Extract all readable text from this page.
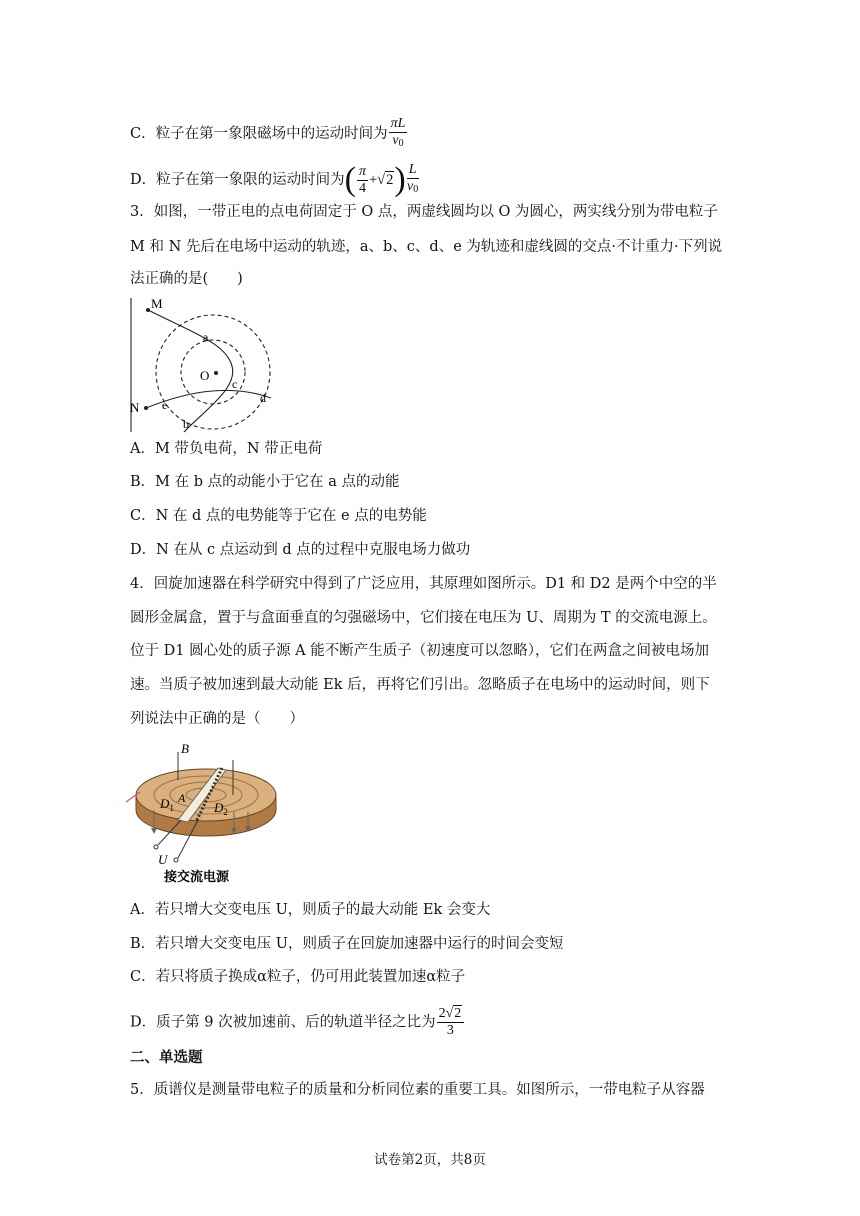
C．粒子在第一象限磁场中的运动时间为 $\frac{\pi L}{v_0}$
D．粒子在第一象限的运动时间为( $\frac{\pi}{4} +√2) \frac{L}{v_0}$
3．如图，一带正电的点电荷固定于 O 点，两虚线圆均以 O 为圆心，两实线分别为带电粒子
M 和 N 先后在电场中运动的轨迹，a、b、c、d、e 为轨迹和虚线圆的交点·不计重力·下列说
法正确的是(　　)
M
N
O
a
b
c
d
e
A．M 带负电荷，N 带正电荷
B．M 在 b 点的动能小于它在 a 点的动能
C．N 在 d 点的电势能等于它在 e 点的电势能
D．N 在从 c 点运动到 d 点的过程中克服电场力做功
4．回旋加速器在科学研究中得到了广泛应用，其原理如图所示。D1 和 D2 是两个中空的半
圆形金属盒，置于与盒面垂直的匀强磁场中，它们接在电压为 U、周期为 T 的交流电源上。
位于 D1 圆心处的质子源 A 能不断产生质子（初速度可以忽略），它们在两盒之间被电场加
速。当质子被加速到最大动能 Ek 后，再将它们引出。忽略质子在电场中的运动时间，则下
列说法中正确的是（　　）
B
A
$D_1$	$D_2$
U
接交流电源
A．若只增大交变电压 U，则质子的最大动能 Ek 会变大
B．若只增大交变电压 U，则质子在回旋加速器中运行的时间会变短
C．若只将质子换成α粒子，仍可用此装置加速α粒子
D．质子第 9 次被加速前、后的轨道半径之比为 $\frac{2√2}{3}$
二、单选题
5．质谱仪是测量带电粒子的质量和分析同位素的重要工具。如图所示，一带电粒子从容器
试卷第2页，共8页
